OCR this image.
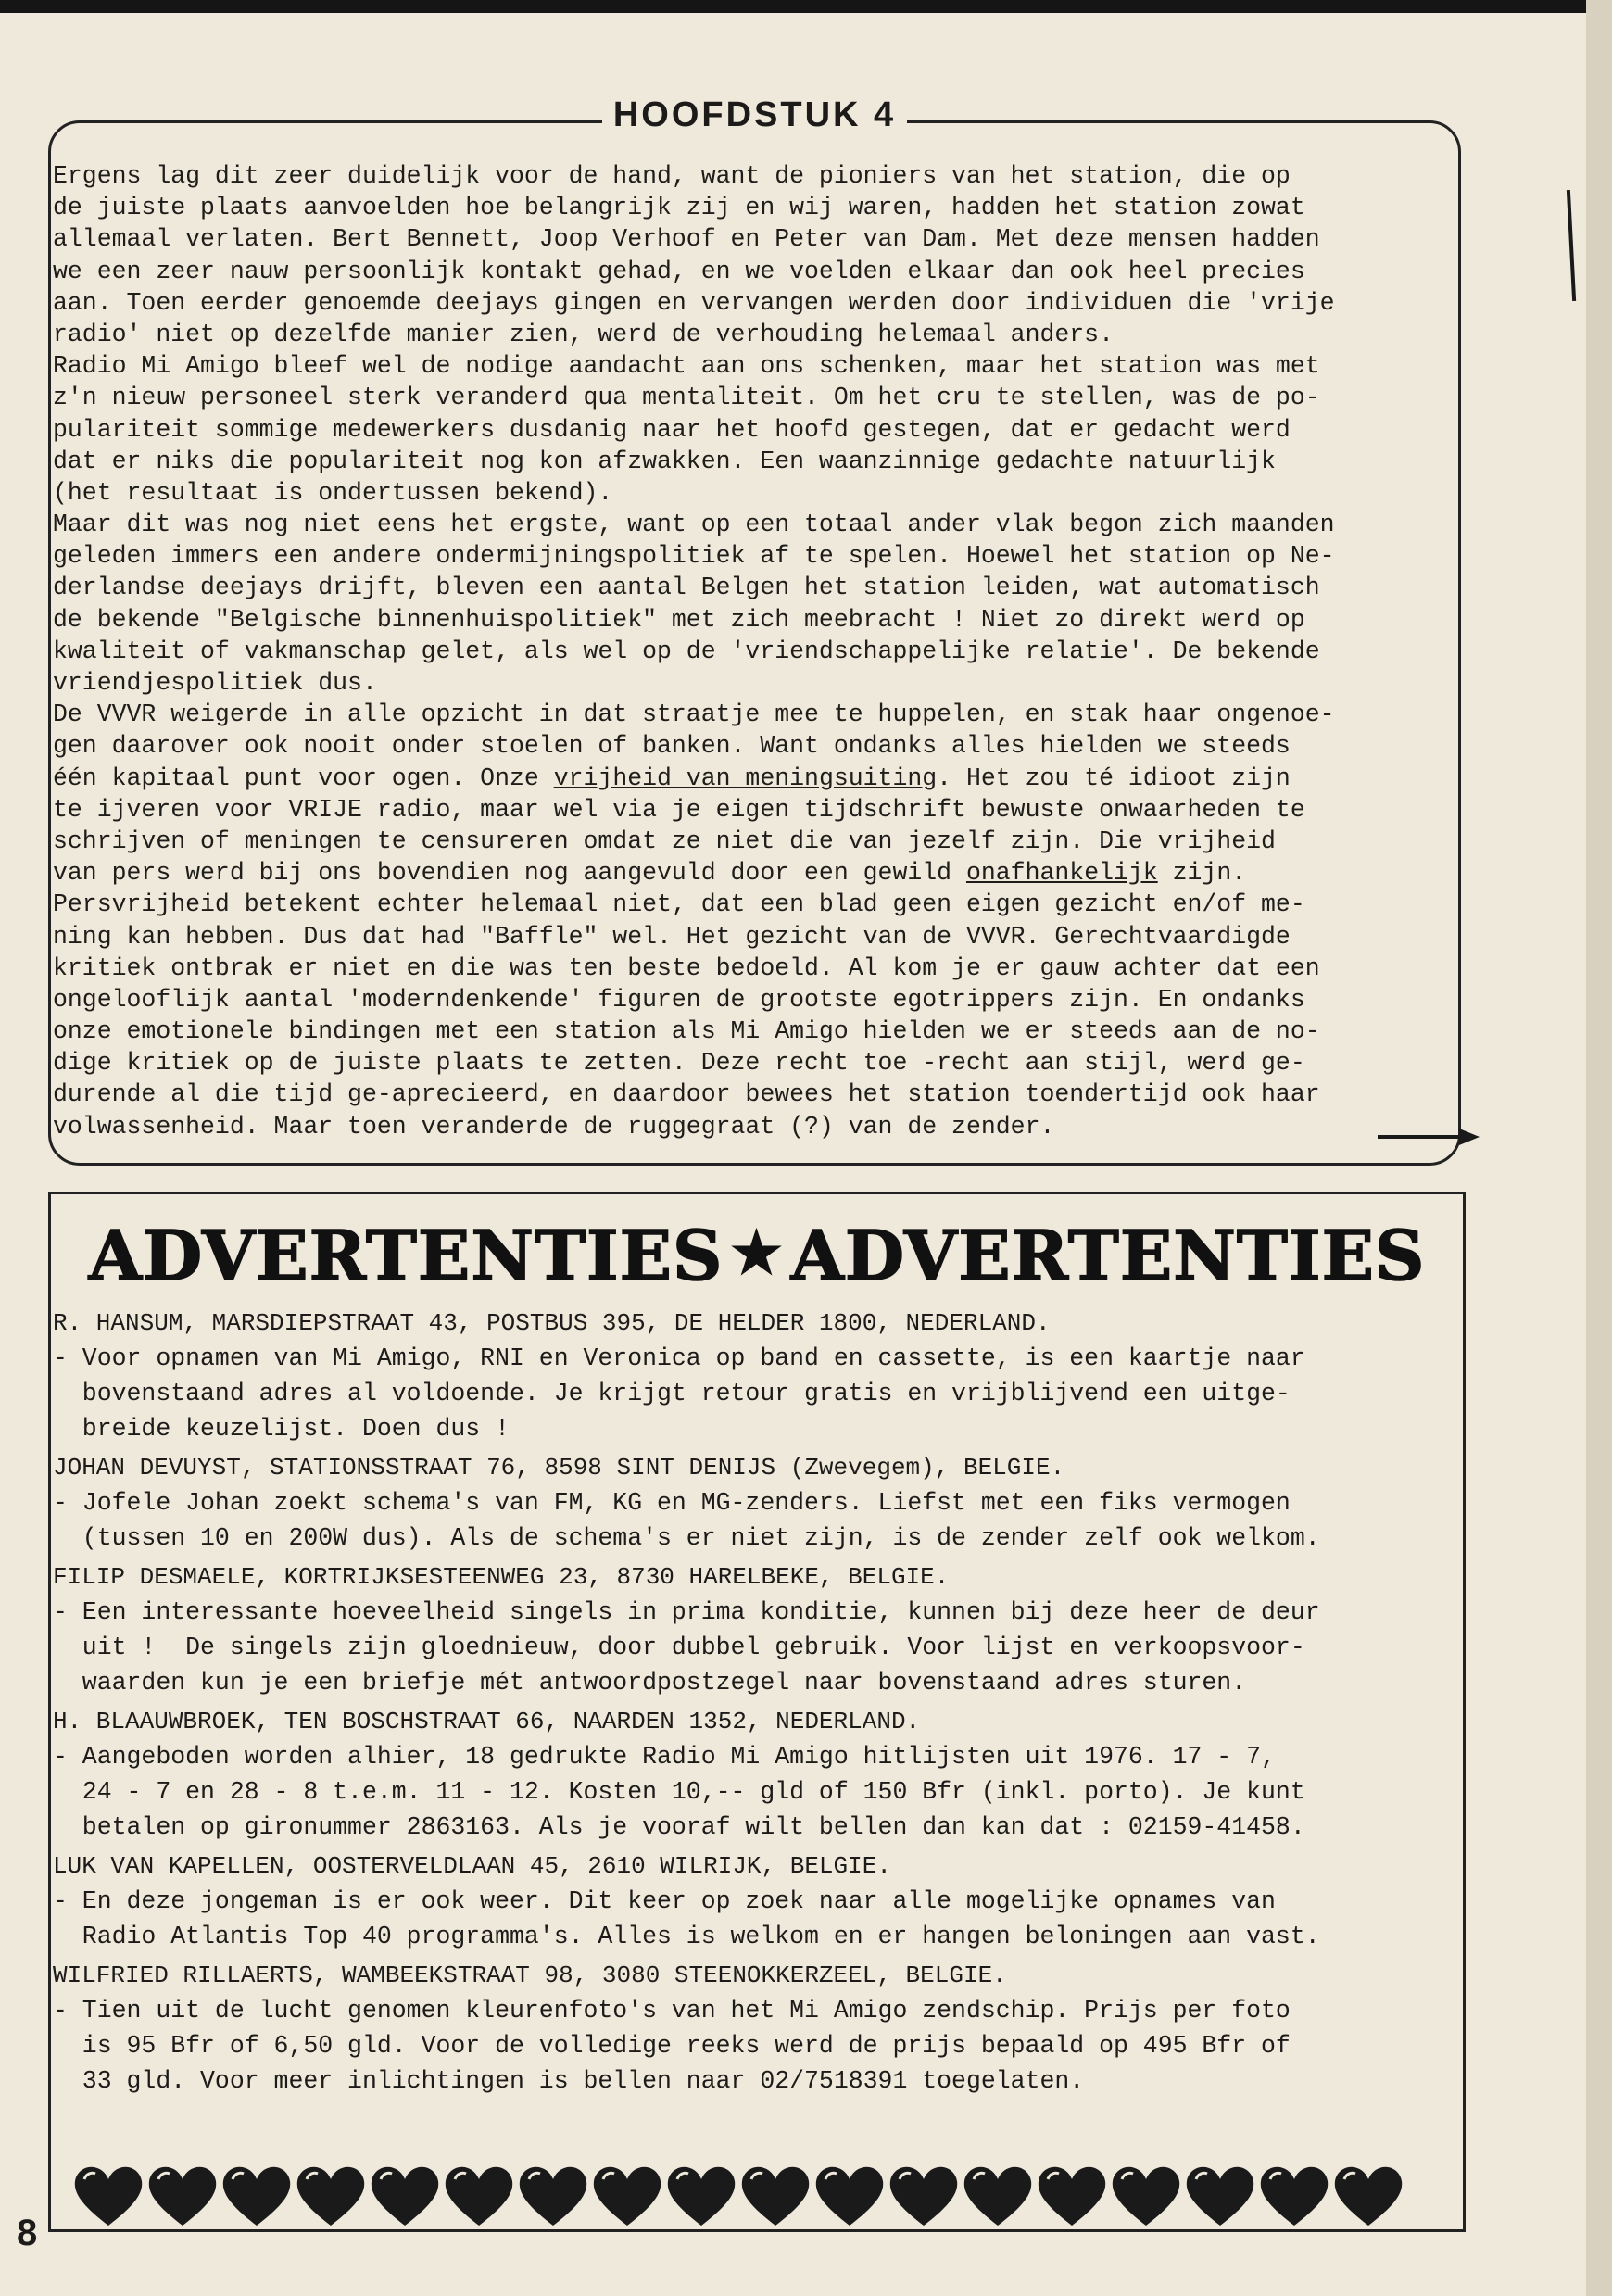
HOOFDSTUK 4
Ergens lag dit zeer duidelijk voor de hand, want de pioniers van het station, die op
de juiste plaats aanvoelden hoe belangrijk zij en wij waren, hadden het station zowat
allemaal verlaten. Bert Bennett, Joop Verhoof en Peter van Dam. Met deze mensen hadden
we een zeer nauw persoonlijk kontakt gehad, en we voelden elkaar dan ook heel precies
aan. Toen eerder genoemde deejays gingen en vervangen werden door individuen die 'vrije
radio' niet op dezelfde manier zien, werd de verhouding helemaal anders.
Radio Mi Amigo bleef wel de nodige aandacht aan ons schenken, maar het station was met
z'n nieuw personeel sterk veranderd qua mentaliteit. Om het cru te stellen, was de po-
pulariteit sommige medewerkers dusdanig naar het hoofd gestegen, dat er gedacht werd
dat er niks die populariteit nog kon afzwakken. Een waanzinnige gedachte natuurlijk
(het resultaat is ondertussen bekend).
Maar dit was nog niet eens het ergste, want op een totaal ander vlak begon zich maanden
geleden immers een andere ondermijningspolitiek af te spelen. Hoewel het station op Ne-
derlandse deejays drijft, bleven een aantal Belgen het station leiden, wat automatisch
de bekende "Belgische binnenhuispolitiek" met zich meebracht ! Niet zo direkt werd op
kwaliteit of vakmanschap gelet, als wel op de 'vriendschappelijke relatie'. De bekende
vriendjespolitiek dus.
De VVVR weigerde in alle opzicht in dat straatje mee te huppelen, en stak haar ongenoe-
gen daarover ook nooit onder stoelen of banken. Want ondanks alles hielden we steeds
één kapitaal punt voor ogen. Onze vrijheid van meningsuiting. Het zou té idioot zijn
te ijveren voor VRIJE radio, maar wel via je eigen tijdschrift bewuste onwaarheden te
schrijven of meningen te censureren omdat ze niet die van jezelf zijn. Die vrijheid
van pers werd bij ons bovendien nog aangevuld door een gewild onafhankelijk zijn.
Persvrijheid betekent echter helemaal niet, dat een blad geen eigen gezicht en/of me-
ning kan hebben. Dus dat had "Baffle" wel. Het gezicht van de VVVR. Gerechtvaardigde
kritiek ontbrak er niet en die was ten beste bedoeld. Al kom je er gauw achter dat een
ongelooflijk aantal 'moderndenkende' figuren de grootste egotrippers zijn. En ondanks
onze emotionele bindingen met een station als Mi Amigo hielden we er steeds aan de no-
dige kritiek op de juiste plaats te zetten. Deze recht toe -recht aan stijl, werd ge-
durende al die tijd ge-aprecieerd, en daardoor bewees het station toendertijd ook haar
volwassenheid. Maar toen veranderde de ruggegraat (?) van de zender.
ADVERTENTIES ★ ADVERTENTIES
R. HANSUM, MARSDIEPSTRAAT 43, POSTBUS 395, DE HELDER 1800, NEDERLAND.
- Voor opnamen van Mi Amigo, RNI en Veronica op band en cassette, is een kaartje naar
bovenstaand adres al voldoende. Je krijgt retour gratis en vrijblijvend een uitge-
breide keuzelijst. Doen dus !
JOHAN DEVUYST, STATIONSSTRAAT 76, 8598 SINT DENIJS (Zwevegem), BELGIE.
- Jofele Johan zoekt schema's van FM, KG en MG-zenders. Liefst met een fiks vermogen
(tussen 10 en 200W dus). Als de schema's er niet zijn, is de zender zelf ook welkom.
FILIP DESMAELE, KORTRIJKSESTEENWEG 23, 8730 HARELBEKE, BELGIE.
- Een interessante hoeveelheid singels in prima konditie, kunnen bij deze heer de deur
uit !  De singels zijn gloednieuw, door dubbel gebruik. Voor lijst en verkoopsvoor-
waarden kun je een briefje mét antwoordpostzegel naar bovenstaand adres sturen.
H. BLAAUWBROEK, TEN BOSCHSTRAAT 66, NAARDEN 1352, NEDERLAND.
- Aangeboden worden alhier, 18 gedrukte Radio Mi Amigo hitlijsten uit 1976. 17 - 7,
24 - 7 en 28 - 8 t.e.m. 11 - 12. Kosten 10,-- gld of 150 Bfr (inkl. porto). Je kunt
betalen op gironummer 2863163. Als je vooraf wilt bellen dan kan dat : 02159-41458.
LUK VAN KAPELLEN, OOSTERVELDLAAN 45, 2610 WILRIJK, BELGIE.
- En deze jongeman is er ook weer. Dit keer op zoek naar alle mogelijke opnames van
Radio Atlantis Top 40 programma's. Alles is welkom en er hangen beloningen aan vast.
WILFRIED RILLAERTS, WAMBEEKSTRAAT 98, 3080 STEENOKKERZEEL, BELGIE.
- Tien uit de lucht genomen kleurenfoto's van het Mi Amigo zendschip. Prijs per foto
is 95 Bfr of 6,50 gld. Voor de volledige reeks werd de prijs bepaald op 495 Bfr of
33 gld. Voor meer inlichtingen is bellen naar 02/7518391 toegelaten.
8
